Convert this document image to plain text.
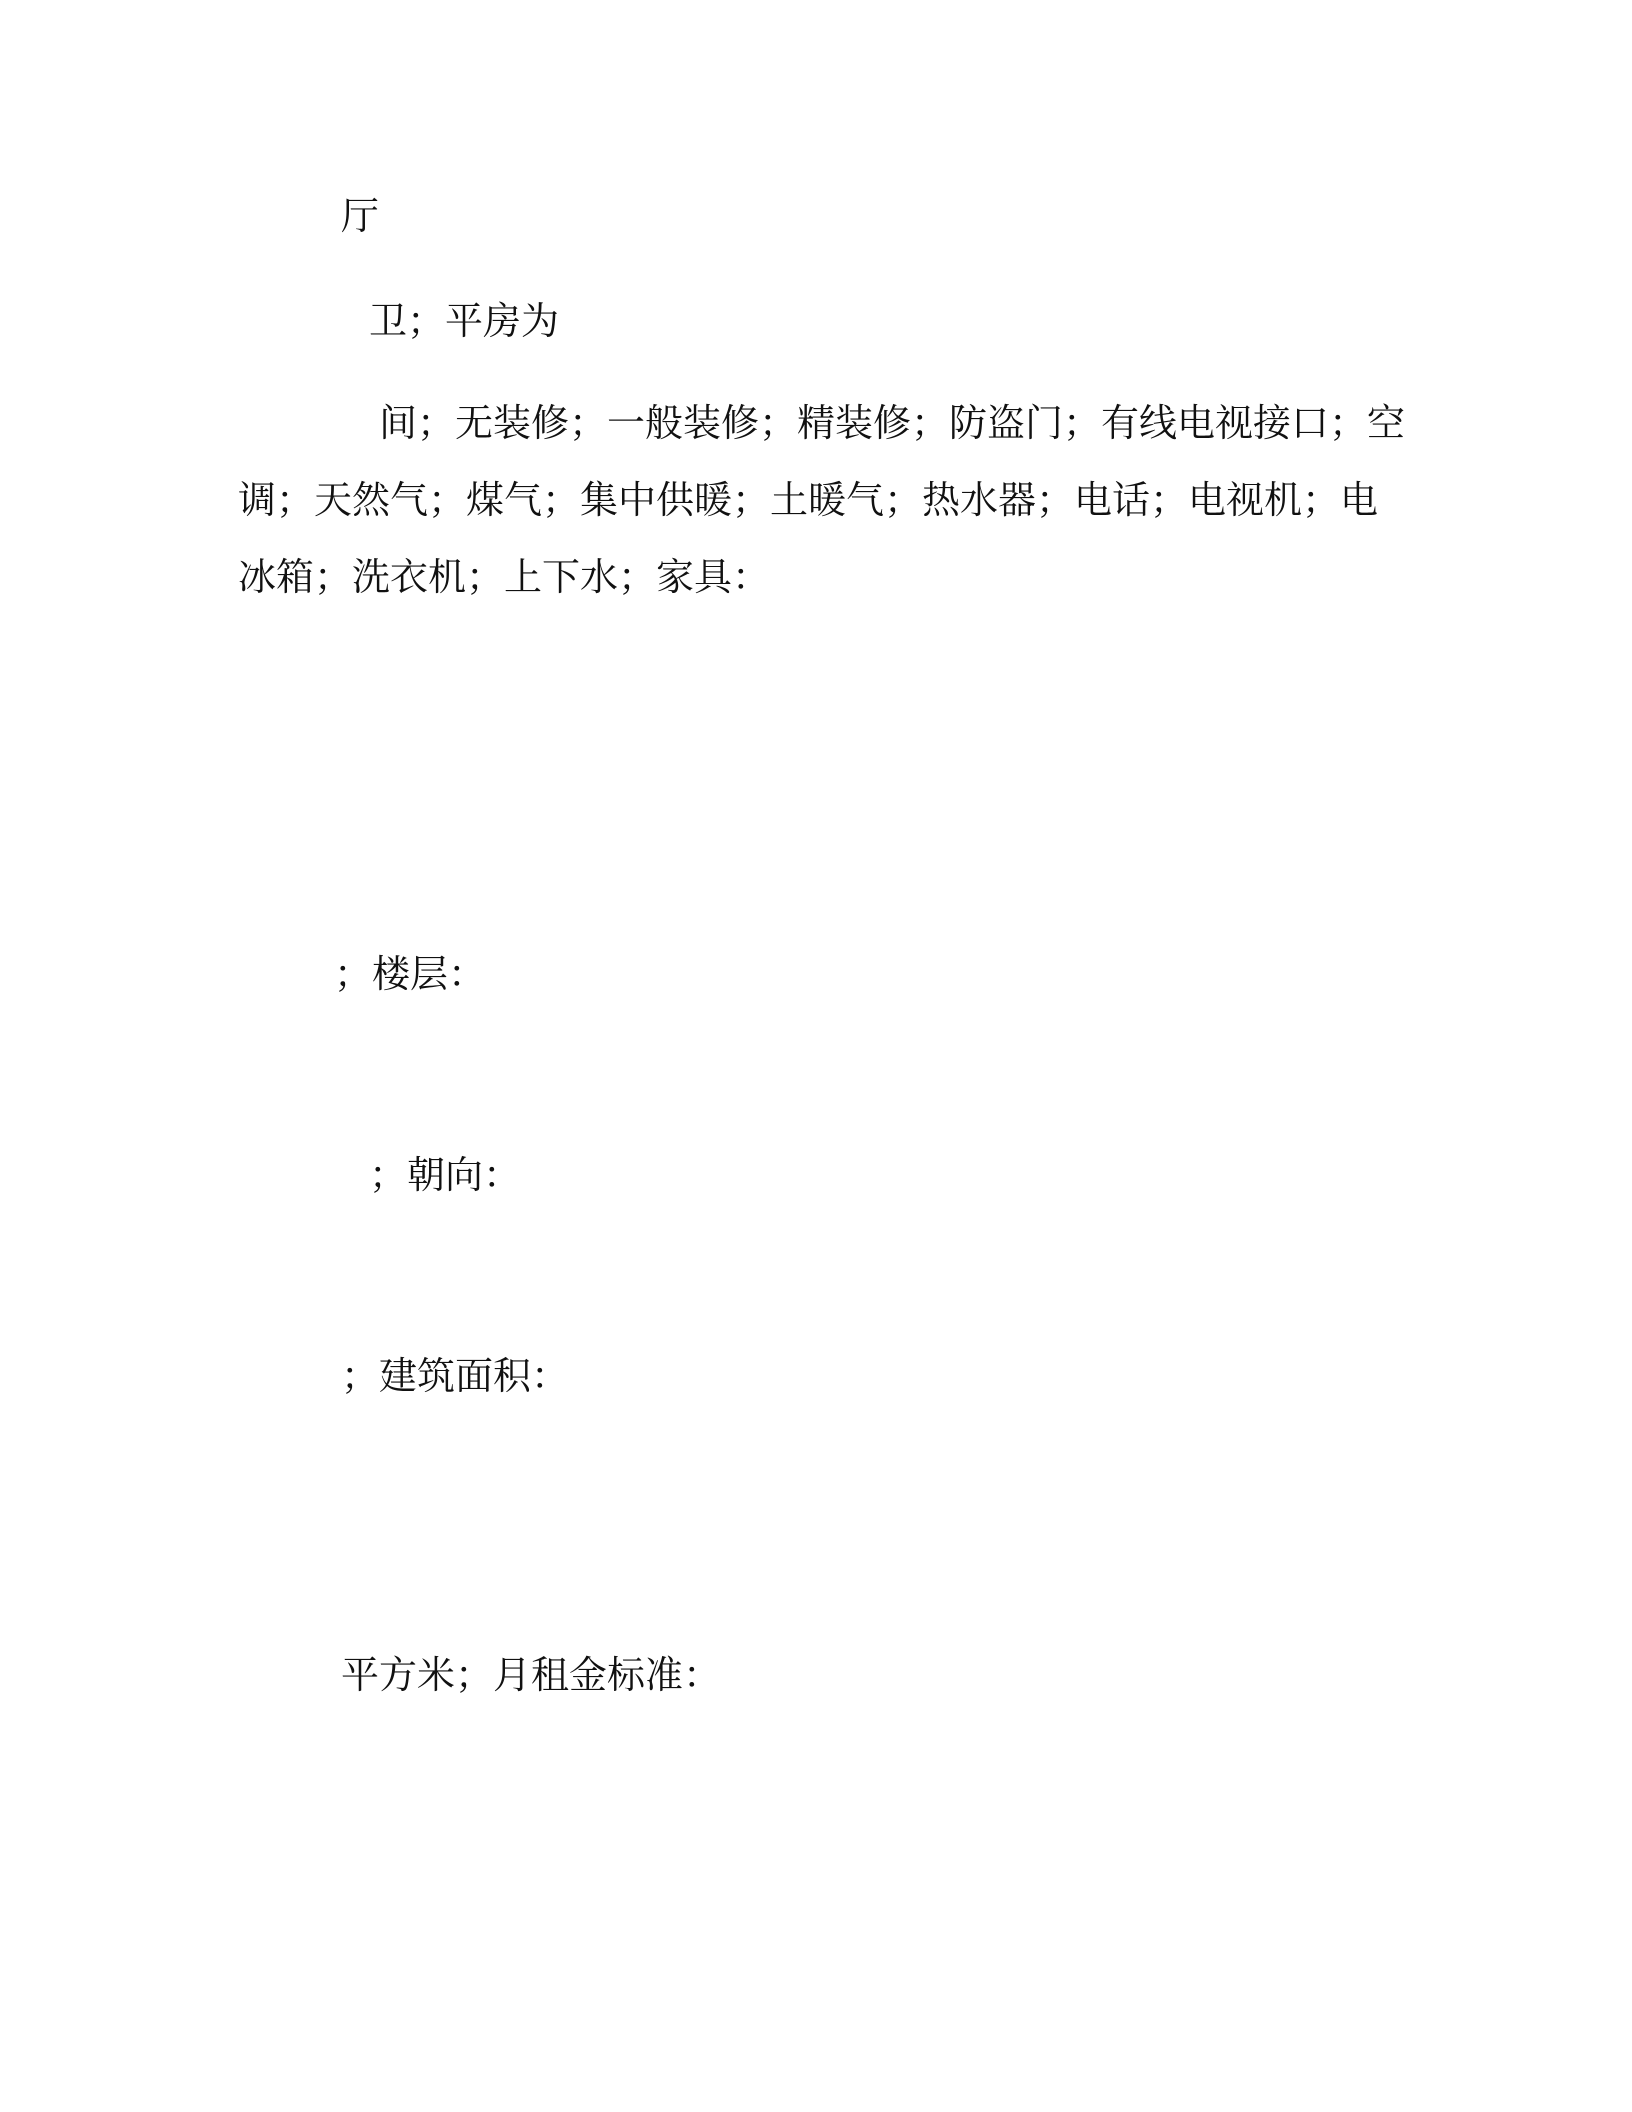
厅
卫；平房为
间；无装修；一般装修；精装修；防盗门；有线电视接口；空
调；天然气；煤气；集中供暖；土暖气；热水器；电话；电视机；电
冰箱；洗衣机；上下水；家具：
；楼层：
；朝向：
；建筑面积：
平方米；月租金标准：
